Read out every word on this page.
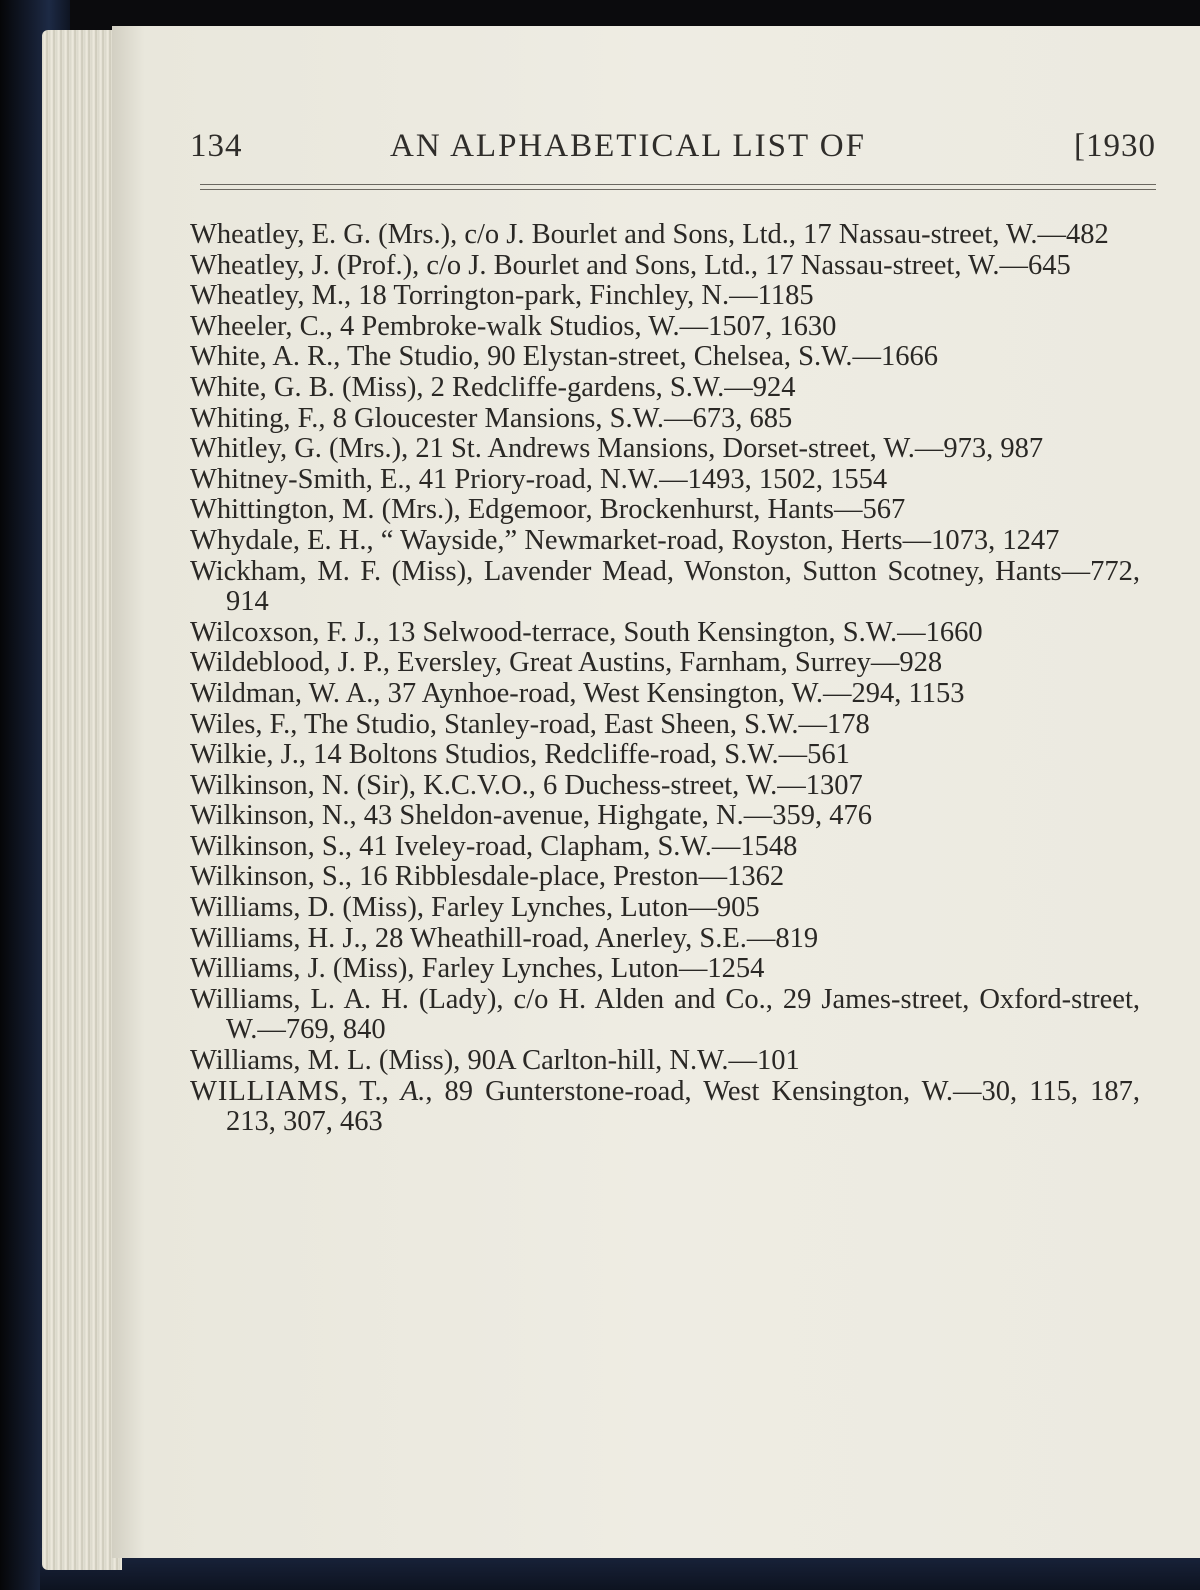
134	AN ALPHABETICAL LIST OF	[1930
Wheatley, E. G. (Mrs.), c/o J. Bourlet and Sons, Ltd., 17 Nassau-street, W.—482
Wheatley, J. (Prof.), c/o J. Bourlet and Sons, Ltd., 17 Nassau-street, W.—645
Wheatley, M., 18 Torrington-park, Finchley, N.—1185
Wheeler, C., 4 Pembroke-walk Studios, W.—1507, 1630
White, A. R., The Studio, 90 Elystan-street, Chelsea, S.W.—1666
White, G. B. (Miss), 2 Redcliffe-gardens, S.W.—924
Whiting, F., 8 Gloucester Mansions, S.W.—673, 685
Whitley, G. (Mrs.), 21 St. Andrews Mansions, Dorset-street, W.—973, 987
Whitney-Smith, E., 41 Priory-road, N.W.—1493, 1502, 1554
Whittington, M. (Mrs.), Edgemoor, Brockenhurst, Hants—567
Whydale, E. H., “ Wayside,” Newmarket-road, Royston, Herts—1073, 1247
Wickham, M. F. (Miss), Lavender Mead, Wonston, Sutton Scotney, Hants—772, 914
Wilcoxson, F. J., 13 Selwood-terrace, South Kensington, S.W.—1660
Wildeblood, J. P., Eversley, Great Austins, Farnham, Surrey—928
Wildman, W. A., 37 Aynhoe-road, West Kensington, W.—294, 1153
Wiles, F., The Studio, Stanley-road, East Sheen, S.W.—178
Wilkie, J., 14 Boltons Studios, Redcliffe-road, S.W.—561
Wilkinson, N. (Sir), K.C.V.O., 6 Duchess-street, W.—1307
Wilkinson, N., 43 Sheldon-avenue, Highgate, N.—359, 476
Wilkinson, S., 41 Iveley-road, Clapham, S.W.—1548
Wilkinson, S., 16 Ribblesdale-place, Preston—1362
Williams, D. (Miss), Farley Lynches, Luton—905
Williams, H. J., 28 Wheathill-road, Anerley, S.E.—819
Williams, J. (Miss), Farley Lynches, Luton—1254
Williams, L. A. H. (Lady), c/o H. Alden and Co., 29 James-street, Oxford-street, W.—769, 840
Williams, M. L. (Miss), 90A Carlton-hill, N.W.—101
WILLIAMS, T., A., 89 Gunterstone-road, West Kensington, W.—30, 115, 187, 213, 307, 463
